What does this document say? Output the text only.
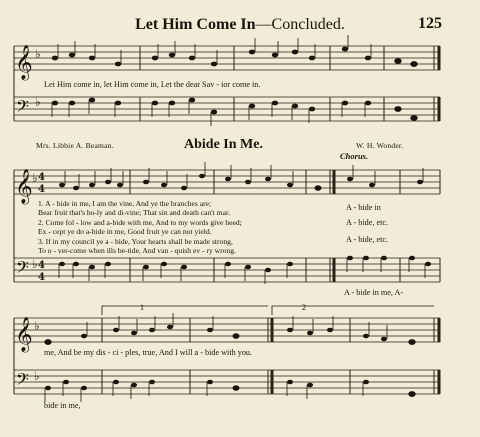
Let Him Come In—Concluded.	125
𝄞 ♭
𝄢 ♭
𝄞 ♭ 4
4
𝄢 ♭ 4
4
𝄞 ♭
𝄢 ♭
1	2
Let Him come in, let Him come in, Let the dear Sav - ior come in.
Mrs. Libbie A. Beaman.	Abide In Me.	W. H. Wonder.
Chorus.
1. A - bide in me, I am the vine, And ye the branches are;
Bear fruit that's ho-ly and di-vine; That sin and death can't mar.
2. Come fol - low and a-bide with me, And to my words give heed;
Ex - cept ye do a-bide in me, Good fruit ye can not yield.
3. If in my council ye a - bide, Your hearts shall be made strong,
To o - ver-come when ills be-tide, And van - quish ev - ry wrong.
A - bide in
A - bide, etc.
A - bide, etc.
A - bide in me, A-
me, And be my dis - ci - ples, true, And I will a - bide with you.
bide in me,
